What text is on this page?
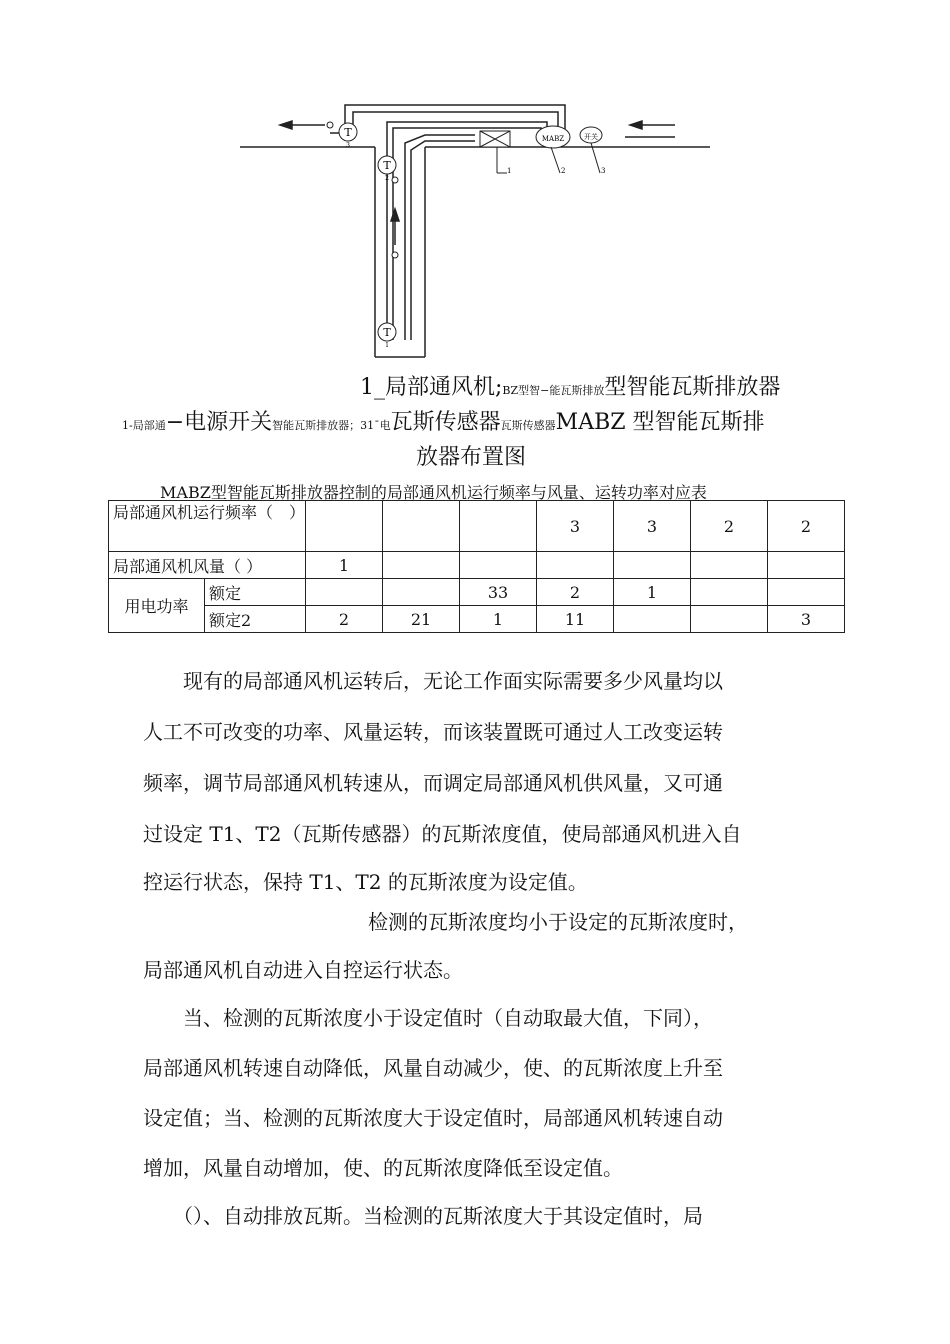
T
3
T
2
T
1
1
MABZ
2
开关
3
1_局部通风机;BZ型智−能瓦斯排放型智能瓦斯排放器
1-局部通−电源开关智能瓦斯排放器；31ˉ电瓦斯传感器瓦斯传感器MABZ 型智能瓦斯排
放器布置图
MABZ型智能瓦斯排放器控制的局部通风机运行频率与风量、运转功率对应表
局部通风机运行频率（　）					3	3	2	2
局部通风机风量（ ）		1						
用电功率	额定			33	2	1		
	额定2	2	21	1	11			3
　　现有的局部通风机运转后，无论工作面实际需要多少风量均以
人工不可改变的功率、风量运转，而该装置既可通过人工改变运转
频率，调节局部通风机转速从，而调定局部通风机供风量，又可通
过设定 T1、T2（瓦斯传感器）的瓦斯浓度值，使局部通风机进入自
控运行状态，保持 T1、T2 的瓦斯浓度为设定值。
检测的瓦斯浓度均小于设定的瓦斯浓度时，
局部通风机自动进入自控运行状态。
　　当、检测的瓦斯浓度小于设定值时（自动取最大值，下同），
局部通风机转速自动降低，风量自动减少，使、的瓦斯浓度上升至
设定值；当、检测的瓦斯浓度大于设定值时，局部通风机转速自动
增加，风量自动增加，使、的瓦斯浓度降低至设定值。
　　（）、自动排放瓦斯。当检测的瓦斯浓度大于其设定值时，局
